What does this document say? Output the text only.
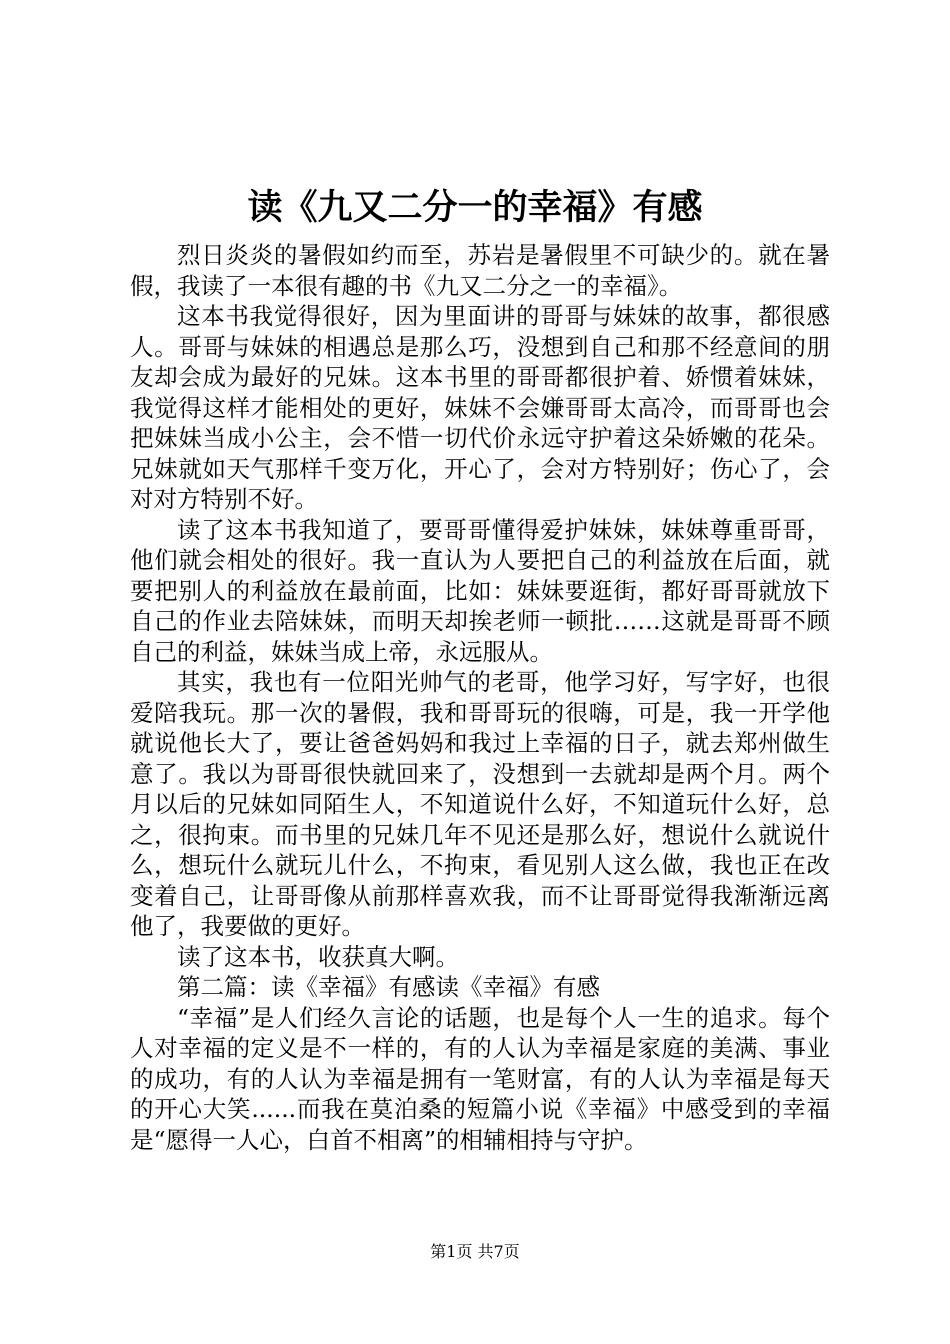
读《九又二分一的幸福》有感

烈日炎炎的暑假如约而至，苏岩是暑假里不可缺少的。就在暑假，我读了一本很有趣的书《九又二分之一的幸福》。

这本书我觉得很好，因为里面讲的哥哥与妹妹的故事，都很感人。哥哥与妹妹的相遇总是那么巧，没想到自己和那不经意间的朋友却会成为最好的兄妹。这本书里的哥哥都很护着、娇惯着妹妹，我觉得这样才能相处的更好，妹妹不会嫌哥哥太高冷，而哥哥也会把妹妹当成小公主，会不惜一切代价永远守护着这朵娇嫩的花朵。兄妹就如天气那样千变万化，开心了，会对方特别好；伤心了，会对对方特别不好。

读了这本书我知道了，要哥哥懂得爱护妹妹，妹妹尊重哥哥，他们就会相处的很好。我一直认为人要把自己的利益放在后面，就要把别人的利益放在最前面，比如：妹妹要逛街，都好哥哥就放下自己的作业去陪妹妹，而明天却挨老师一顿批……这就是哥哥不顾自己的利益，妹妹当成上帝，永远服从。

其实，我也有一位阳光帅气的老哥，他学习好，写字好，也很爱陪我玩。那一次的暑假，我和哥哥玩的很嗨，可是，我一开学他就说他长大了，要让爸爸妈妈和我过上幸福的日子，就去郑州做生意了。我以为哥哥很快就回来了，没想到一去就却是两个月。两个月以后的兄妹如同陌生人，不知道说什么好，不知道玩什么好，总之，很拘束。而书里的兄妹几年不见还是那么好，想说什么就说什么，想玩什么就玩儿什么，不拘束，看见别人这么做，我也正在改变着自己，让哥哥像从前那样喜欢我，而不让哥哥觉得我渐渐远离他了，我要做的更好。

读了这本书，收获真大啊。

第二篇：读《幸福》有感读《幸福》有感

“幸福”是人们经久言论的话题，也是每个人一生的追求。每个人对幸福的定义是不一样的，有的人认为幸福是家庭的美满、事业的成功，有的人认为幸福是拥有一笔财富，有的人认为幸福是每天的开心大笑......而我在莫泊桑的短篇小说《幸福》中感受到的幸福是“愿得一人心，白首不相离”的相辅相持与守护。

第1页 共7页
